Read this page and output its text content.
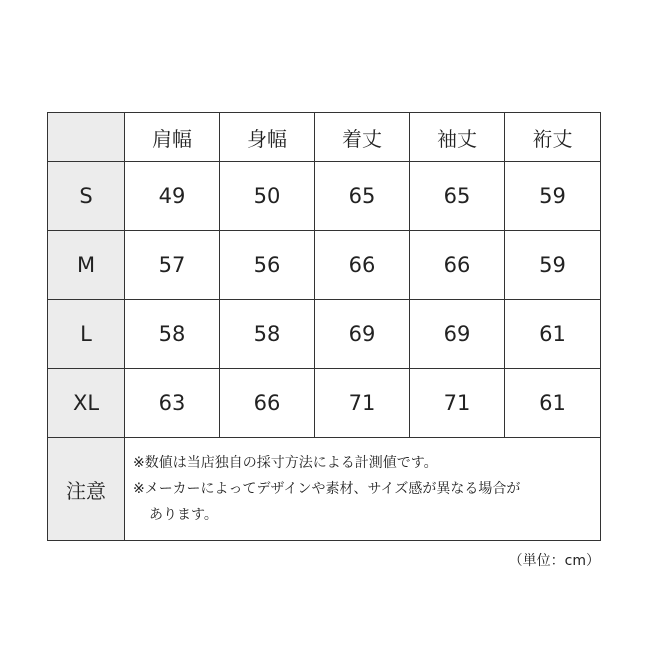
	肩幅	身幅	着丈	袖丈	裄丈
S	49	50	65	65	59
M	57	56	66	66	59
L	58	58	69	69	61
XL	63	66	71	71	61
注意	※数値は当店独自の採寸方法による計測値です。
※メーカーによってデザインや素材、サイズ感が異なる場合が
あります。				
（単位：cm）
